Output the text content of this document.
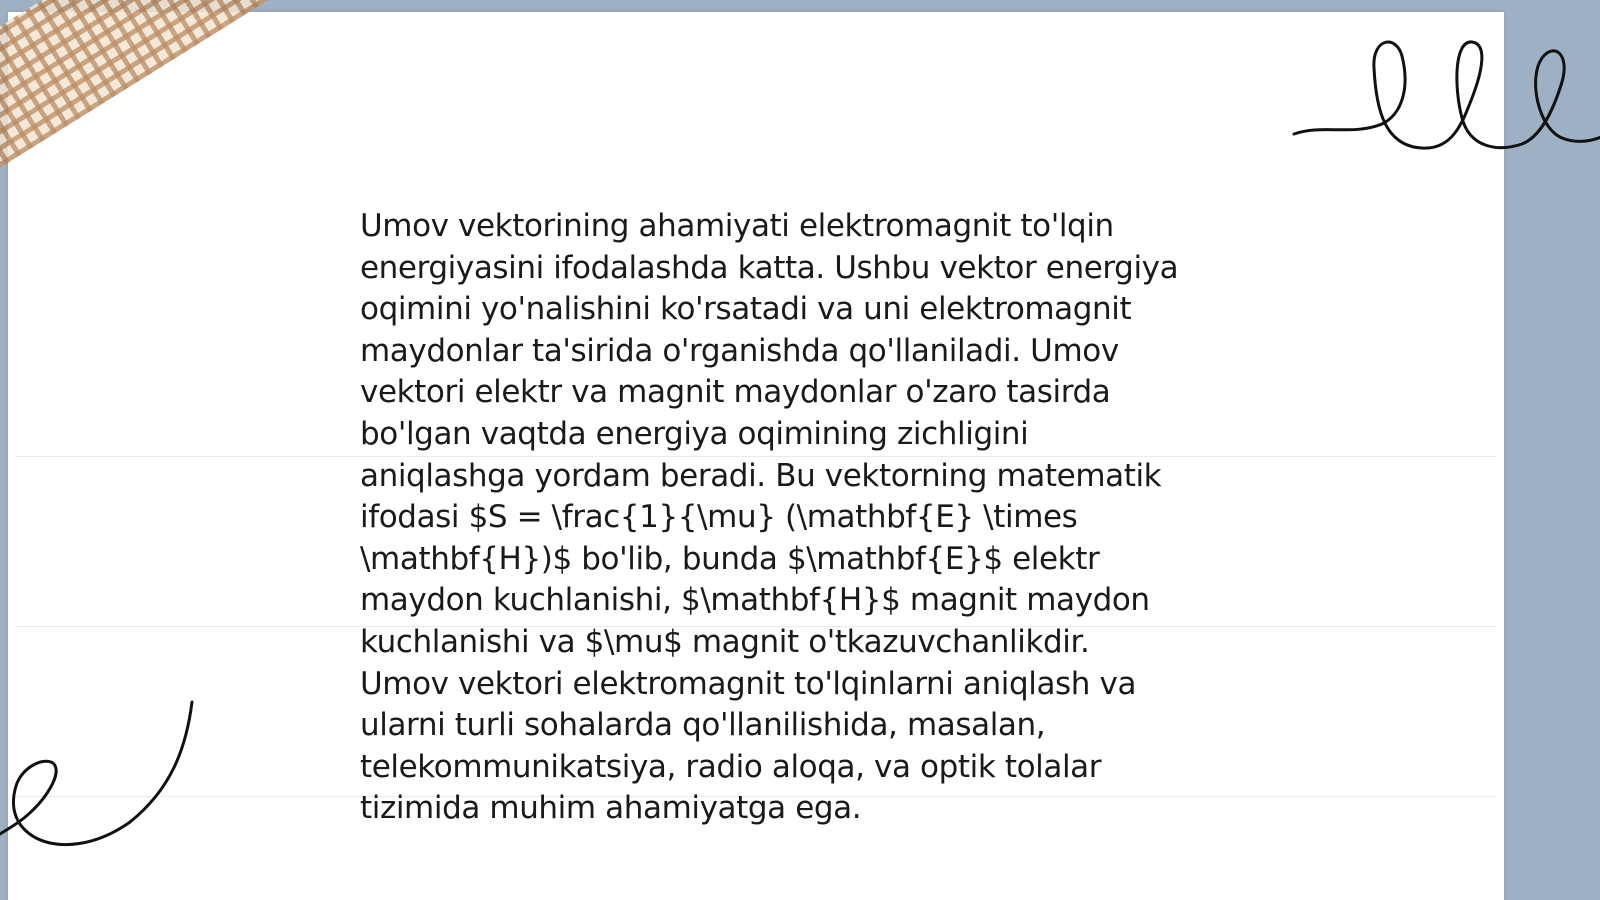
Umov vektorining ahamiyati elektromagnit to'lqin
energiyasini ifodalashda katta. Ushbu vektor energiya
oqimini yo'nalishini ko'rsatadi va uni elektromagnit
maydonlar ta'sirida o'rganishda qo'llaniladi. Umov
vektori elektr va magnit maydonlar o'zaro tasirda
bo'lgan vaqtda energiya oqimining zichligini
aniqlashga yordam beradi. Bu vektorning matematik
ifodasi $S = \frac{1}{\mu} (\mathbf{E} \times
\mathbf{H})$ bo'lib, bunda $\mathbf{E}$ elektr
maydon kuchlanishi, $\mathbf{H}$ magnit maydon
kuchlanishi va $\mu$ magnit o'tkazuvchanlikdir.
Umov vektori elektromagnit to'lqinlarni aniqlash va
ularni turli sohalarda qo'llanilishida, masalan,
telekommunikatsiya, radio aloqa, va optik tolalar
tizimida muhim ahamiyatga ega.
